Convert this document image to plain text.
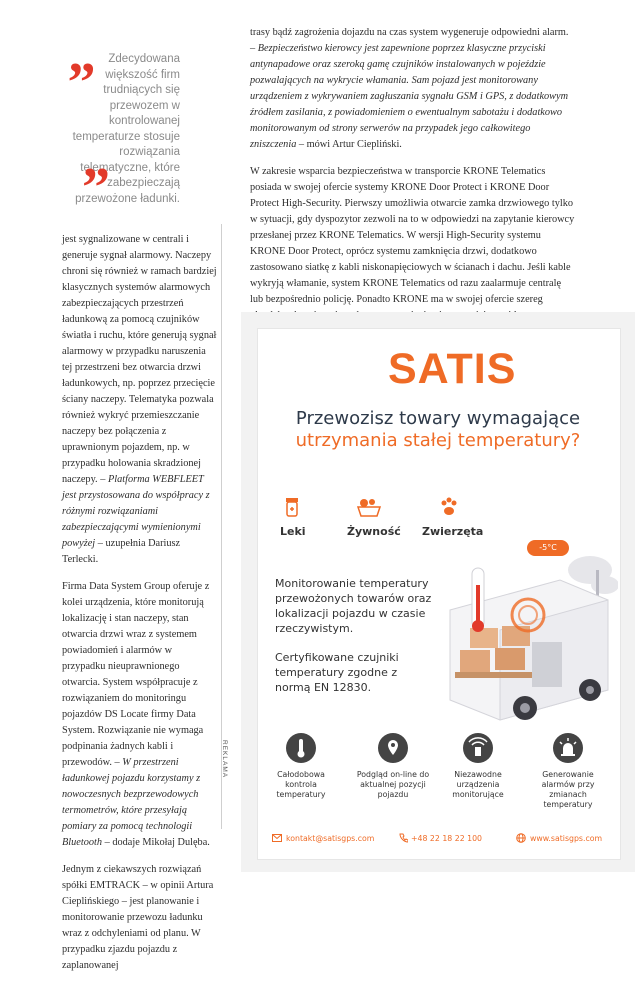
„	Zdecydowana większość firm trudniących się przewozem w kontrolowanej temperaturze stosuje rozwiązania telematyczne, które zabezpieczają przewożone ładunki.
”

jest sygnalizowane w centrali i generuje sygnał alarmowy. Naczepy chroni się również w ramach bardziej klasycznych systemów alarmowych zabezpieczających przestrzeń ładunkową za pomocą czujników światła i ruchu, które generują sygnał alarmowy w przypadku naruszenia tej przestrzeni bez otwarcia drzwi ładunkowych, np. poprzez przecięcie ściany naczepy. Telematyka pozwala również wykryć przemieszczanie naczepy bez połączenia z uprawnionym pojazdem, np. w przypadku holowania skradzionej naczepy. – Platforma WEBFLEET jest przystosowana do współpracy z różnymi rozwiązaniami zabezpieczającymi wymienionymi powyżej – uzupełnia Dariusz Terlecki.

Firma Data System Group oferuje z kolei urządzenia, które monitorują lokalizację i stan naczepy, stan otwarcia drzwi wraz z systemem powiadomień i alarmów w przypadku nieuprawnionego otwarcia. System współpracuje z rozwiązaniem do monitoringu pojazdów DS Locate firmy Data System. Rozwiązanie nie wymaga podpinania żadnych kabli i przewodów. – W przestrzeni ładunkowej pojazdu korzystamy z nowoczesnych bezprzewodowych termometrów, które przesyłają pomiary za pomocą technologii Bluetooth – dodaje Mikołaj Dulęba.

Jednym z ciekawszych rozwiązań spółki EMTRACK – w opinii Artura Cieplińskiego – jest planowanie i monitorowanie przewozu ładunku wraz z odchyleniami od planu. W przypadku zjazdu pojazdu z zaplanowanej

trasy bądź zagrożenia dojazdu na czas system wygeneruje odpowiedni alarm. – Bezpieczeństwo kierowcy jest zapewnione poprzez klasyczne przyciski antynapadowe oraz szeroką gamę czujników instalowanych w pojeździe pozwalających na wykrycie włamania. Sam pojazd jest monitorowany urządzeniem z wykrywaniem zagłuszania sygnału GSM i GPS, z dodatkowym źródłem zasilania, z powiadomieniem o ewentualnym sabotażu i dodatkowo monitorowanym od strony serwerów na przypadek jego całkowitego zniszczenia – mówi Artur Ciepliński.

W zakresie wsparcia bezpieczeństwa w transporcie KRONE Telematics posiada w swojej ofercie systemy KRONE Door Protect i KRONE Door Protect High-Security. Pierwszy umożliwia otwarcie zamka drzwiowego tylko w sytuacji, gdy dyspozytor zezwoli na to w odpowiedzi na zapytanie kierowcy przesłanej przez KRONE Telematics. W wersji High-Security systemu KRONE Door Protect, oprócz systemu zamknięcia drzwi, dodatkowo zastosowano siatkę z kabli niskonapięciowych w ścianach i dachu. Jeśli kable wykryją włamanie, system KRONE Telematics od razu zaalarmuje centralę lub bezpośrednio policję. Ponadto KRONE ma w swojej ofercie szereg

REKLAMA
SATIS
Przewozisz towary wymagające
utrzymania stałej temperatury?
Leki	Żywność Zwierzęta
-5°C
Monitorowanie temperatury przewożonych towarów oraz lokalizacji pojazdu w czasie rzeczywistym.
Certyfikowane czujniki temperatury zgodne z normą EN 12830.
Całodobowa kontrola temperatury
Podgląd on-line do aktualnej pozycji pojazdu
Niezawodne urządzenia monitorujące
Generowanie alarmów przy zmianach temperatury
kontakt@satisgps.com	+48 22 18 22 100	www.satisgps.com
